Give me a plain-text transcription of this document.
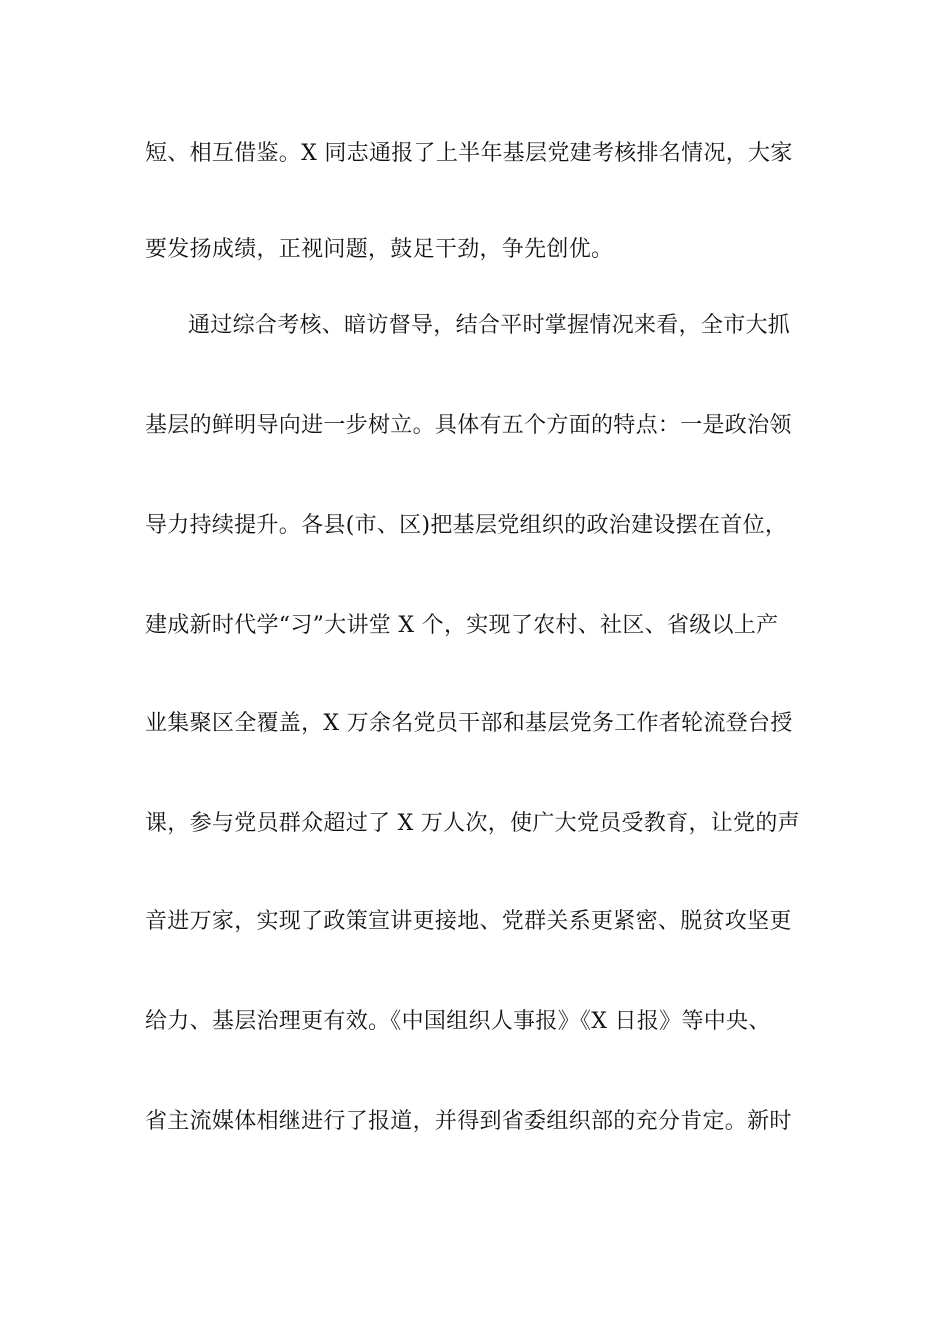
短、相互借鉴。X 同志通报了上半年基层党建考核排名情况，大家
要发扬成绩，正视问题，鼓足干劲，争先创优。
通过综合考核、暗访督导，结合平时掌握情况来看，全市大抓
基层的鲜明导向进一步树立。具体有五个方面的特点：一是政治领
导力持续提升。各县(市、区)把基层党组织的政治建设摆在首位，
建成新时代学“习”大讲堂 X 个，实现了农村、社区、省级以上产
业集聚区全覆盖，X 万余名党员干部和基层党务工作者轮流登台授
课，参与党员群众超过了 X 万人次，使广大党员受教育，让党的声
音进万家，实现了政策宣讲更接地、党群关系更紧密、脱贫攻坚更
给力、基层治理更有效。《中国组织人事报》《X 日报》等中央、
省主流媒体相继进行了报道，并得到省委组织部的充分肯定。新时
